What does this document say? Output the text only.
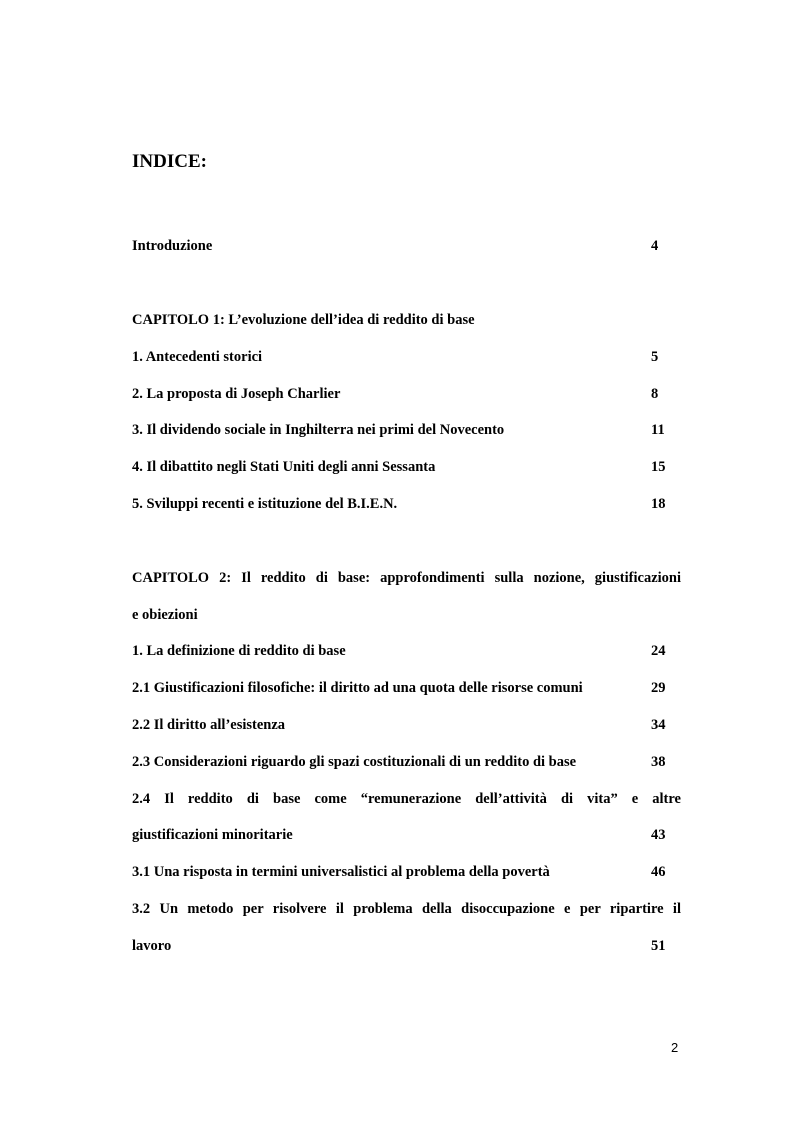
INDICE:
Introduzione	4
CAPITOLO 1: L’evoluzione dell’idea di reddito di base
1. Antecedenti storici	5
2. La proposta di Joseph Charlier	8
3. Il dividendo sociale in Inghilterra nei primi del Novecento	11
4. Il dibattito negli Stati Uniti degli anni Sessanta	15
5. Sviluppi recenti e istituzione del B.I.E.N.	18
CAPITOLO 2: Il reddito di base: approfondimenti sulla nozione, giustificazioni
e obiezioni
1. La definizione di reddito di base	24
2.1 Giustificazioni filosofiche: il diritto ad una quota delle risorse comuni	29
2.2 Il diritto all’esistenza	34
2.3 Considerazioni riguardo gli spazi costituzionali di un reddito di base	38
2.4 Il reddito di base come “remunerazione dell’attività di vita” e altre
giustificazioni minoritarie	43
3.1 Una risposta in termini universalistici al problema della povertà	46
3.2 Un metodo per risolvere il problema della disoccupazione e per ripartire il
lavoro	51
2
